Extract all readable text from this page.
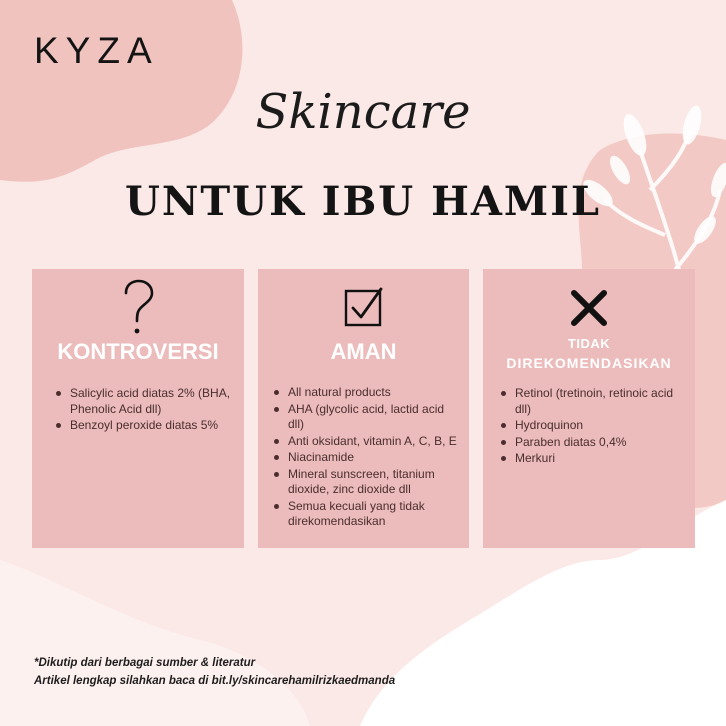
KYZA
Skincare
UNTUK IBU HAMIL
KONTROVERSI
Salicylic acid diatas 2% (BHA, Phenolic Acid dll)
Benzoyl peroxide diatas 5%
AMAN
All natural products
AHA (glycolic acid, lactid acid dll)
Anti oksidant, vitamin A, C, B, E
Niacinamide
Mineral sunscreen, titanium dioxide, zinc dioxide dll
Semua kecuali yang tidak direkomendasikan
TIDAK
DIREKOMENDASIKAN
Retinol (tretinoin, retinoic acid dll)
Hydroquinon
Paraben diatas 0,4%
Merkuri
*Dikutip dari berbagai sumber & literatur
Artikel lengkap silahkan baca di bit.ly/skincarehamilrizkaedmanda
